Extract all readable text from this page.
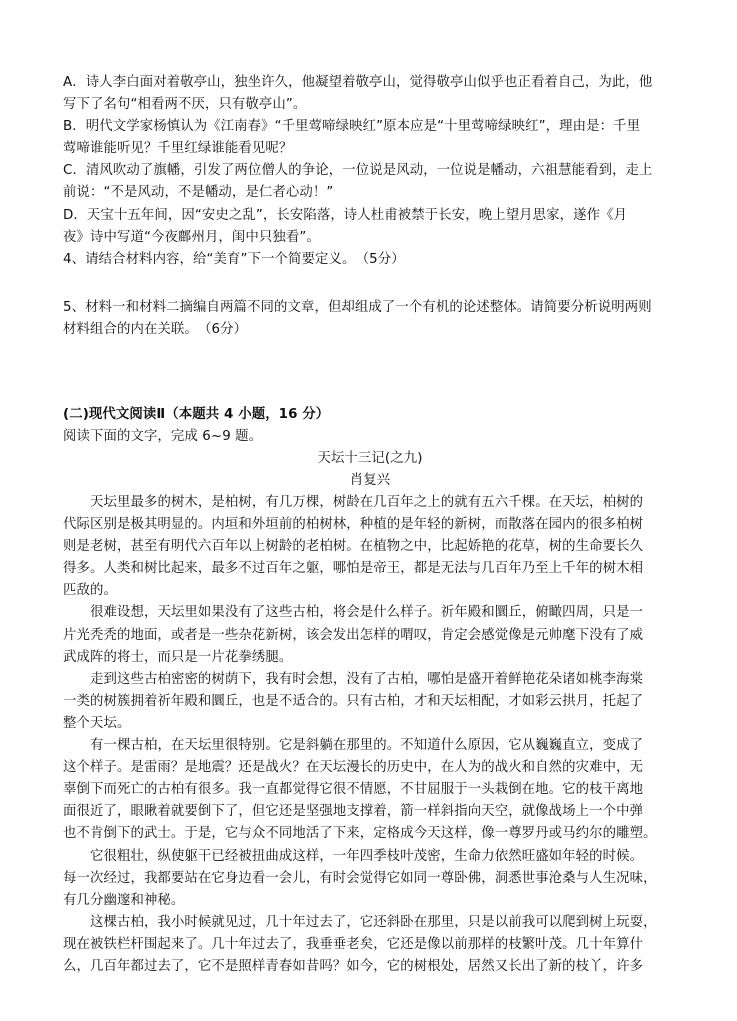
A．诗人李白面对着敬亭山，独坐许久，他凝望着敬亭山，觉得敬亭山似乎也正看着自己，为此，他
写下了名句“相看两不厌，只有敬亭山”。
B．明代文学家杨慎认为《江南春》“千里莺啼绿映红”原本应是“十里莺啼绿映红”，理由是：千里
莺啼谁能听见？千里红绿谁能看见呢？
C．清风吹动了旗幡，引发了两位僧人的争论，一位说是风动，一位说是幡动，六祖慧能看到，走上
前说：“不是风动，不是幡动，是仁者心动！”
D．天宝十五年间，因“安史之乱”，长安陷落，诗人杜甫被禁于长安，晚上望月思家，遂作《月
夜》诗中写道“今夜鄜州月，闺中只独看”。
4、请结合材料内容，给“美育”下一个简要定义。　（5分）
5、材料一和材料二摘编自两篇不同的文章，但却组成了一个有机的论述整体。请简要分析说明两则
材料组合的内在关联。　（6分）
(二)现代文阅读Ⅱ（本题共 4 小题，16 分）
阅读下面的文字，完成 6~9 题。
天坛十三记(之九)
肖复兴
天坛里最多的树木，是柏树，有几万棵，树龄在几百年之上的就有五六千棵。在天坛，柏树的
代际区别是极其明显的。内垣和外垣前的柏树林，种植的是年轻的新树，而散落在园内的很多柏树
则是老树，甚至有明代六百年以上树龄的老柏树。在植物之中，比起娇艳的花草，树的生命要长久
得多。人类和树比起来，最多不过百年之躯，哪怕是帝王，都是无法与几百年乃至上千年的树木相
匹敌的。
很难设想，天坛里如果没有了这些古柏，将会是什么样子。祈年殿和圜丘，俯瞰四周，只是一
片光秃秃的地面，或者是一些杂花新树，该会发出怎样的喟叹，肯定会感觉像是元帅麾下没有了威
武成阵的将士，而只是一片花拳绣腿。
走到这些古柏密密的树荫下，我有时会想，没有了古柏，哪怕是盛开着鲜艳花朵诸如桃李海棠
一类的树簇拥着祈年殿和圜丘，也是不适合的。只有古柏，才和天坛相配，才如彩云拱月，托起了
整个天坛。
有一棵古柏，在天坛里很特别。它是斜躺在那里的。不知道什么原因，它从巍巍直立，变成了
这个样子。是雷雨？是地震？还是战火？在天坛漫长的历史中，在人为的战火和自然的灾难中，无
辜倒下而死亡的古柏有很多。我一直都觉得它很不情愿，不甘屈服于一头栽倒在地。它的枝干离地
面很近了，眼瞅着就要倒下了，但它还是坚强地支撑着，箭一样斜指向天空，就像战场上一个中弹
也不肯倒下的武士。于是，它与众不同地活了下来，定格成今天这样，像一尊罗丹或马约尔的雕塑。
它很粗壮，纵使躯干已经被扭曲成这样，一年四季枝叶茂密，生命力依然旺盛如年轻的时候。
每一次经过，我都要站在它身边看一会儿，有时会觉得它如同一尊卧佛，洞悉世事沧桑与人生况味，
有几分幽邃和神秘。
这棵古柏，我小时候就见过，几十年过去了，它还斜卧在那里，只是以前我可以爬到树上玩耍，
现在被铁栏杆围起来了。几十年过去了，我垂垂老矣，它还是像以前那样的枝繁叶茂。几十年算什
么，几百年都过去了，它不是照样青春如昔吗？如今，它的树根处，居然又长出了新的枝丫，许多
